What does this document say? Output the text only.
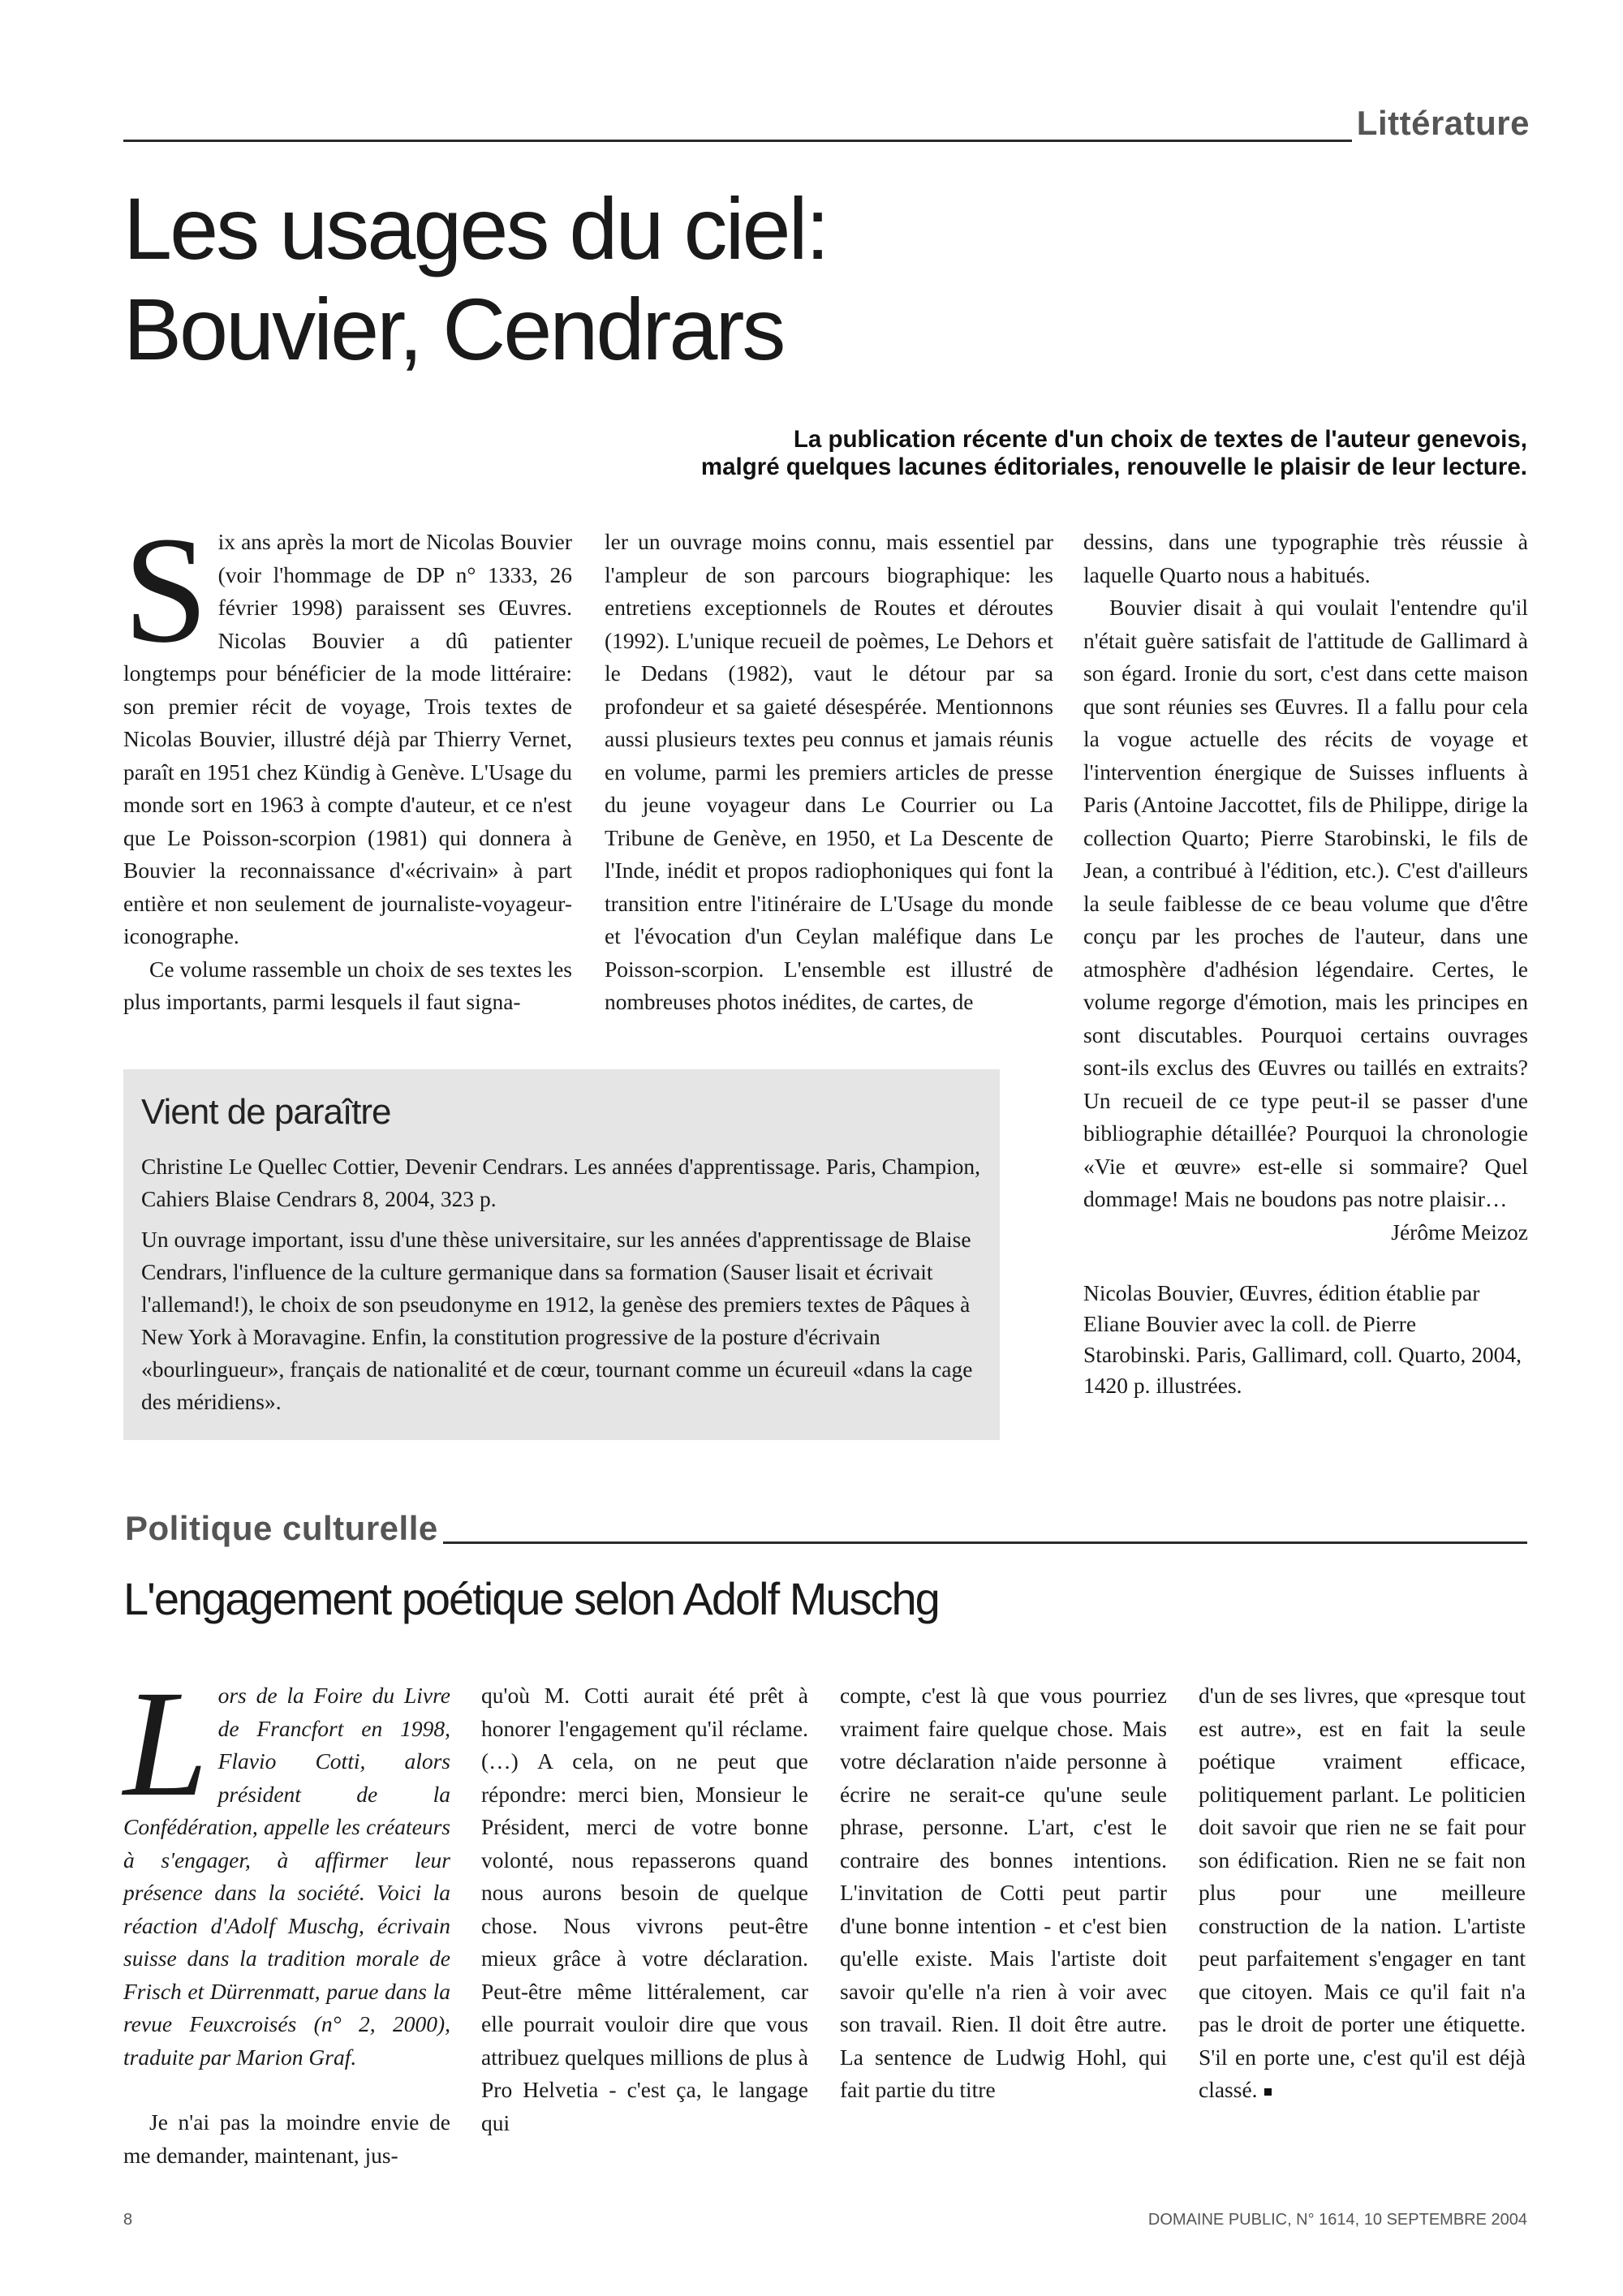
Littérature
Les usages du ciel:
Bouvier, Cendrars
La publication récente d'un choix de textes de l'auteur genevois,
malgré quelques lacunes éditoriales, renouvelle le plaisir de leur lecture.

Six ans après la mort de Nicolas Bouvier (voir l'hommage de DP n° 1333, 26 février 1998) paraissent ses Œuvres. Nicolas Bouvier a dû patienter longtemps pour bénéficier de la mode littéraire: son premier récit de voyage, Trois textes de Nicolas Bouvier, illustré déjà par Thierry Vernet, paraît en 1951 chez Kündig à Genève. L'Usage du monde sort en 1963 à compte d'auteur, et ce n'est que Le Poisson-scorpion (1981) qui donnera à Bouvier la reconnaissance d'«écrivain» à part entière et non seulement de journaliste-voyageur-iconographe.

Ce volume rassemble un choix de ses textes les plus importants, parmi lesquels il faut signa-

ler un ouvrage moins connu, mais essentiel par l'ampleur de son parcours biographique: les entretiens exceptionnels de Routes et déroutes (1992). L'unique recueil de poèmes, Le Dehors et le Dedans (1982), vaut le détour par sa profondeur et sa gaieté désespérée. Mentionnons aussi plusieurs textes peu connus et jamais réunis en volume, parmi les premiers articles de presse du jeune voyageur dans Le Courrier ou La Tribune de Genève, en 1950, et La Descente de l'Inde, inédit et propos radiophoniques qui font la transition entre l'itinéraire de L'Usage du monde et l'évocation d'un Ceylan maléfique dans Le Poisson-scorpion. L'ensemble est illustré de nombreuses photos inédites, de cartes, de

dessins, dans une typographie très réussie à laquelle Quarto nous a habitués.

Bouvier disait à qui voulait l'entendre qu'il n'était guère satisfait de l'attitude de Gallimard à son égard. Ironie du sort, c'est dans cette maison que sont réunies ses Œuvres. Il a fallu pour cela la vogue actuelle des récits de voyage et l'intervention énergique de Suisses influents à Paris (Antoine Jaccottet, fils de Philippe, dirige la collection Quarto; Pierre Starobinski, le fils de Jean, a contribué à l'édition, etc.). C'est d'ailleurs la seule faiblesse de ce beau volume que d'être conçu par les proches de l'auteur, dans une atmosphère d'adhésion légendaire. Certes, le volume regorge d'émotion, mais les principes en sont discutables. Pourquoi certains ouvrages sont-ils exclus des Œuvres ou taillés en extraits? Un recueil de ce type peut-il se passer d'une bibliographie détaillée? Pourquoi la chronologie «Vie et œuvre» est-elle si sommaire? Quel dommage! Mais ne boudons pas notre plaisir…

Jérôme Meizoz

Nicolas Bouvier, Œuvres, édition établie par Eliane Bouvier avec la coll. de Pierre Starobinski. Paris, Gallimard, coll. Quarto, 2004, 1420 p. illustrées.

Vient de paraître

Christine Le Quellec Cottier, Devenir Cendrars. Les années d'apprentissage. Paris, Champion, Cahiers Blaise Cendrars 8, 2004, 323 p.

Un ouvrage important, issu d'une thèse universitaire, sur les années d'apprentissage de Blaise Cendrars, l'influence de la culture germanique dans sa formation (Sauser lisait et écrivait l'allemand!), le choix de son pseudonyme en 1912, la genèse des premiers textes de Pâques à New York à Moravagine. Enfin, la constitution progressive de la posture d'écrivain «bourlingueur», français de nationalité et de cœur, tournant comme un écureuil «dans la cage des méridiens».

Politique culturelle
L'engagement poétique selon Adolf Muschg

Lors de la Foire du Livre de Francfort en 1998, Flavio Cotti, alors président de la Confédération, appelle les créateurs à s'engager, à affirmer leur présence dans la société. Voici la réaction d'Adolf Muschg, écrivain suisse dans la tradition morale de Frisch et Dürrenmatt, parue dans la revue Feuxcroisés (n° 2, 2000), traduite par Marion Graf.

Je n'ai pas la moindre envie de me demander, maintenant, jus-

qu'où M. Cotti aurait été prêt à honorer l'engagement qu'il réclame. (…) A cela, on ne peut que répondre: merci bien, Monsieur le Président, merci de votre bonne volonté, nous repasserons quand nous aurons besoin de quelque chose. Nous vivrons peut-être mieux grâce à votre déclaration. Peut-être même littéralement, car elle pourrait vouloir dire que vous attribuez quelques millions de plus à Pro Helvetia - c'est ça, le langage qui

compte, c'est là que vous pourriez vraiment faire quelque chose. Mais votre déclaration n'aide personne à écrire ne serait-ce qu'une seule phrase, personne. L'art, c'est le contraire des bonnes intentions. L'invitation de Cotti peut partir d'une bonne intention - et c'est bien qu'elle existe. Mais l'artiste doit savoir qu'elle n'a rien à voir avec son travail. Rien. Il doit être autre. La sentence de Ludwig Hohl, qui fait partie du titre

d'un de ses livres, que «presque tout est autre», est en fait la seule poétique vraiment efficace, politiquement parlant. Le politicien doit savoir que rien ne se fait pour son édification. Rien ne se fait non plus pour une meilleure construction de la nation. L'artiste peut parfaitement s'engager en tant que citoyen. Mais ce qu'il fait n'a pas le droit de porter une étiquette. S'il en porte une, c'est qu'il est déjà classé.

8	DOMAINE PUBLIC, N° 1614, 10 SEPTEMBRE 2004
